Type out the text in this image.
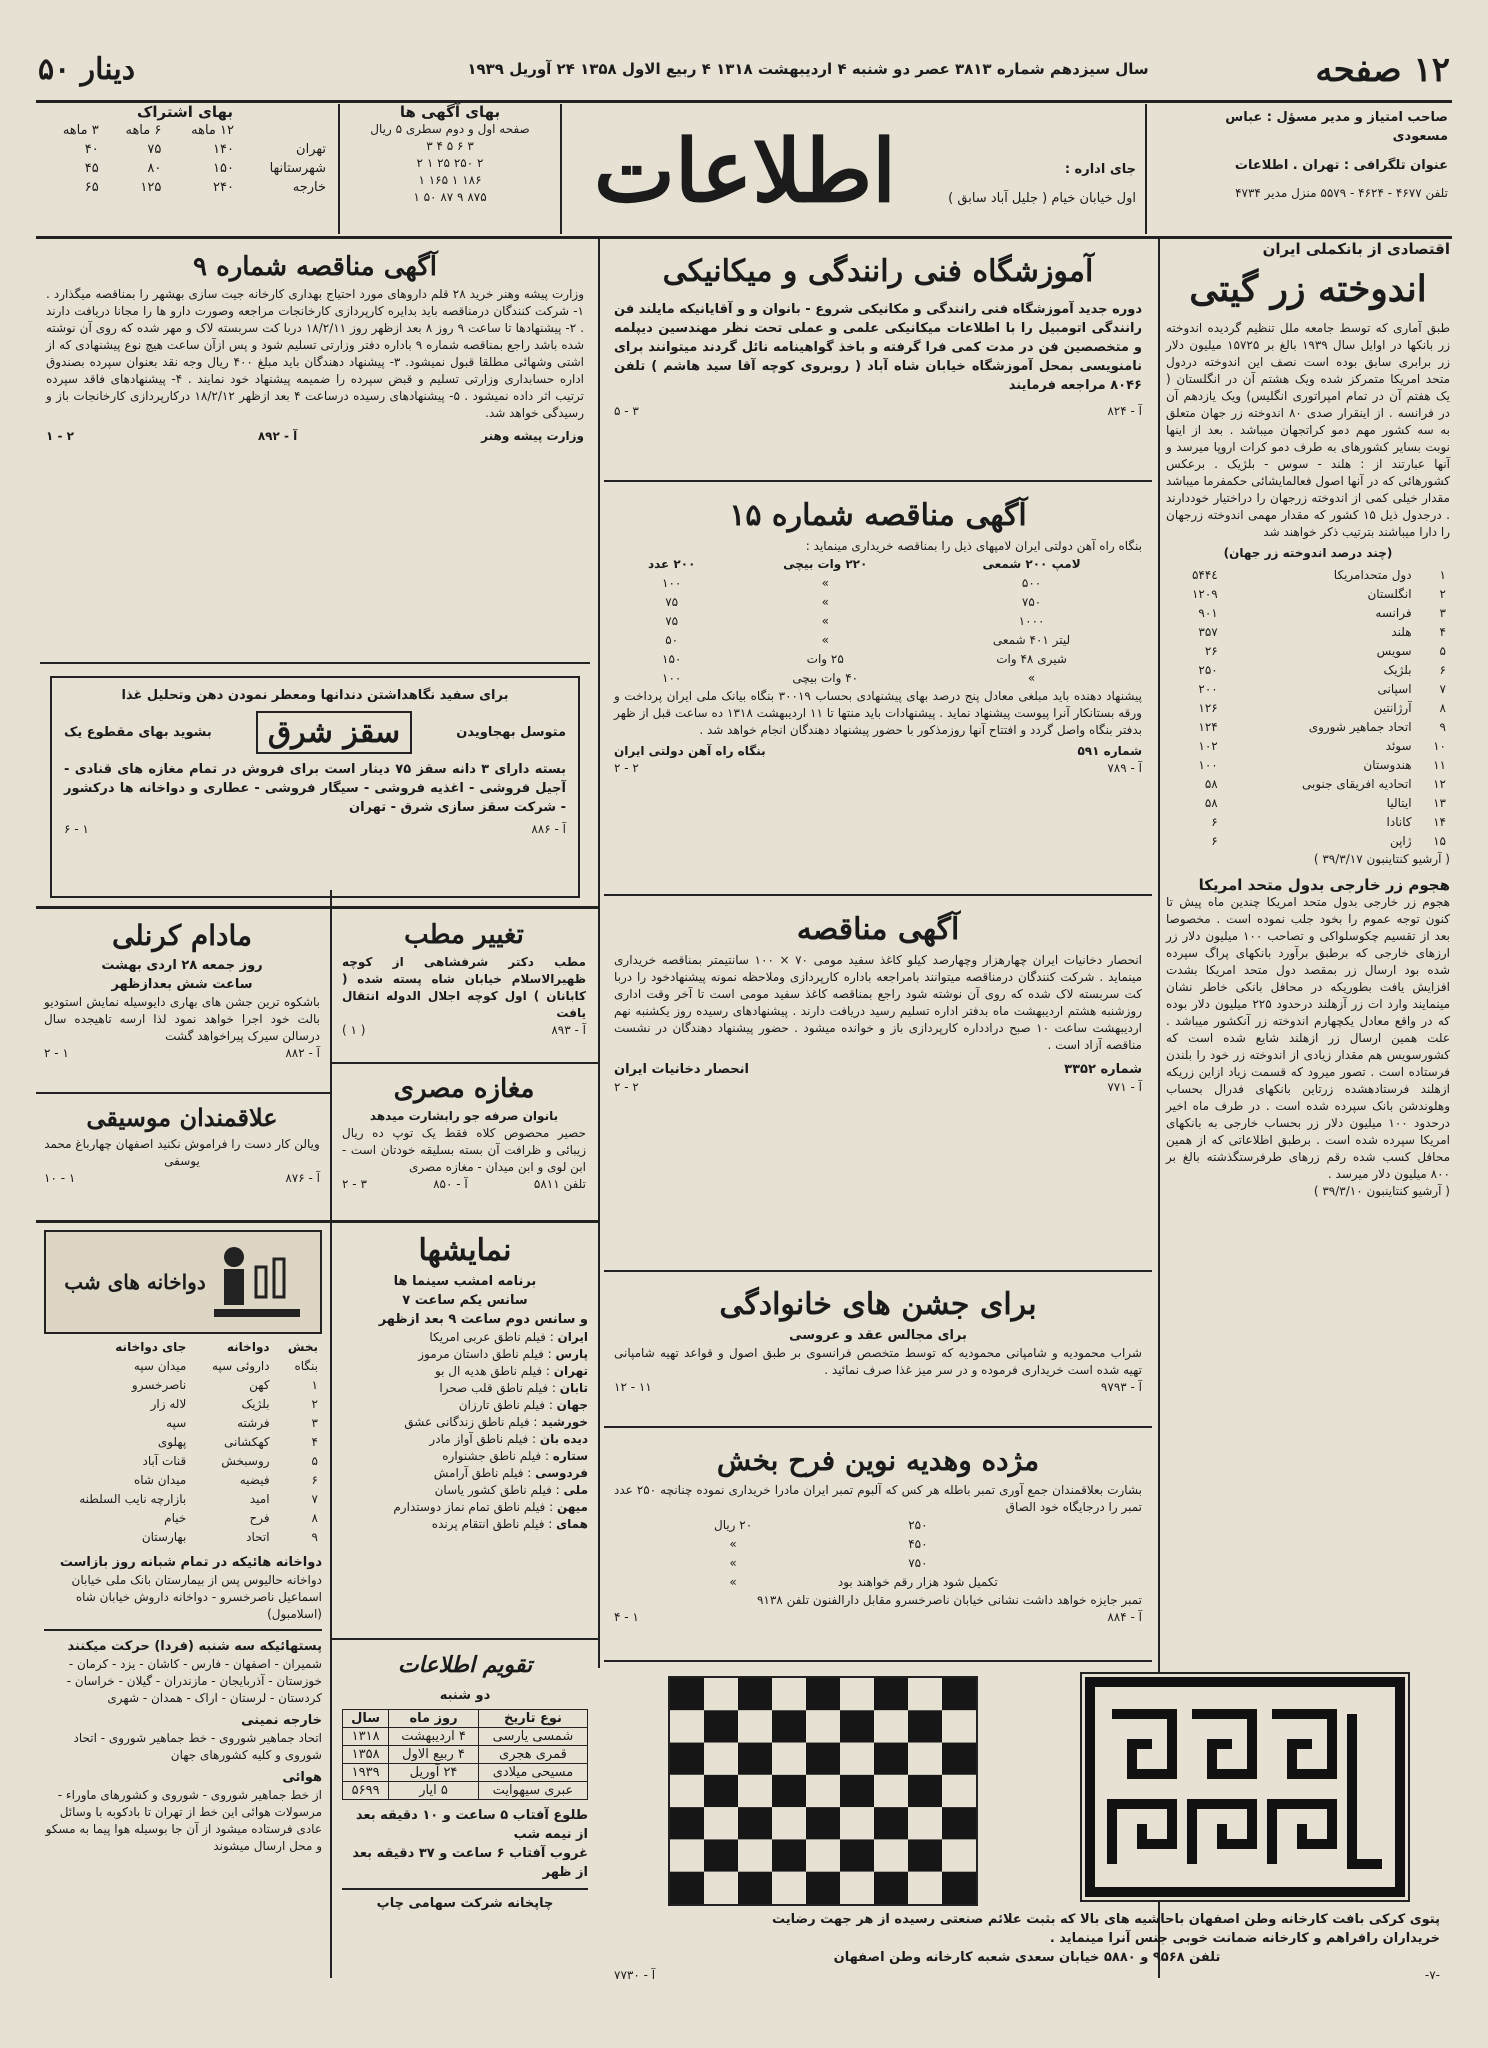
۱۲ صفحه
سال سیزدهم شماره ۳۸۱۳ عصر دو شنبه ۴ اردیبهشت ۱۳۱۸ ۴ ربیع الاول ۱۳۵۸ ۲۴ آوریل ۱۹۳۹
۵۰ دینار
صاحب امتیاز و مدیر مسؤل : عباس مسعودی
عنوان تلگرافی : تهران . اطلاعات
تلفن ۴۶۷۷ - ۴۶۲۴ - ۵۵۷۹ منزل مدیر ۴۷۳۴
جای اداره :
اول خیابان خیام ( جلیل آباد سابق )
اطلاعات
بهای آگهی ها
صفحه اول و دوم سطری ۵ ریال
۳ ۶ ۵ ۴ ۳
۲ ۲۵۰ ۲۵ ۱ ۲
۱۸۶ ۱ ۱۶۵ ۱
۸۷۵ ۹ ۸۷ ۵۰ ۱
بهای اشتراک
	۱۲ ماهه	۶ ماهه	۳ ماهه
تهران	۱۴۰	۷۵	۴۰
شهرستانها	۱۵۰	۸۰	۴۵
خارجه	۲۴۰	۱۲۵	۶۵
اقتصادی از بانکملی ایران
اندوخته زر گیتی
طبق آماری که توسط جامعه ملل تنظیم گردیده اندوخته زر بانکها در اوایل سال ۱۹۳۹ بالغ بر ۱۵۷۲۵ میلیون دلار زر برابری سابق بوده است نصف این اندوخته دردول متحد امریکا متمرکز شده ویک هشتم آن در انگلستان ( یک هفتم آن در تمام امپراتوری انگلیس) ویک یازدهم آن در فرانسه . از اینقرار صدی ۸۰ اندوخته زر جهان متعلق به سه کشور مهم دمو کراتجهان میباشد . بعد از اینها نوبت بسایر کشورهای به طرف دمو کرات اروپا میرسد و آنها عبارتند از : هلند - سوس - بلژیک . برعکس کشورهائی که در آنها اصول فعالمایشائی حکمفرما میباشد مقدار خیلی کمی از اندوخته زرجهان را دراختیار خوددارند . درجدول ذیل ۱۵ کشور که مقدار مهمی اندوخته زرجهان را دارا میباشند بترتیب ذکر خواهند شد
(چند درصد اندوخته زر جهان)
۱	دول متحدامریکا	۵۴۴٤
۲	انگلستان	۱۲۰۹
۳	فرانسه	۹۰۱
۴	هلند	۳۵۷
۵	سویس	۲۶
۶	بلژیک	۲۵۰
۷	اسپانی	۲۰۰
۸	آرژانتین	۱۲۶
۹	اتحاد جماهیر شوروی	۱۲۴
۱۰	سوئد	۱۰۲
۱۱	هندوستان	۱۰۰
۱۲	اتحادیه افریقای جنوبی	۵۸
۱۳	ایتالیا	۵۸
۱۴	کانادا	۶
۱۵	ژاپن	۶
( آرشیو کنتاینبون ۳۹/۳/۱۷ )
هجوم زر خارجی بدول متحد امریکا
هجوم زر خارجی بدول متحد امریکا چندین ماه پیش تا کنون توجه عموم را بخود جلب نموده است . مخصوصا بعد از تقسیم چکوسلواکی و تصاحب ۱۰۰ میلیون دلار زر ارزهای خارجی که برطبق برآورد بانکهای پراگ سپرده شده بود ارسال زر بمقصد دول متحد امریکا بشدت افزایش یافت بطوریکه در محافل بانکی خاطر نشان مینمایند وارد ات زر آزهلند درحدود ۲۲۵ میلیون دلار بوده که در واقع معادل یکچهارم اندوخته زر آنکشور میباشد . علت همین ارسال زر ازهلند شایع شده است که کشورسویس هم مقدار زیادی از اندوخته زر خود را بلندن فرستاده است . تصور میرود که قسمت زیاد ازاین زریکه ازهلند فرستادهشده زرتاین بانکهای فدرال بحساب وهلوندشن بانک سپرده شده است . در طرف ماه اخیر درحدود ۱۰۰ میلیون دلار زر بحساب خارجی به بانکهای امریکا سپرده شده است . برطبق اطلاعاتی که از همین محافل کسب شده رقم زرهای طرفرستگذشته بالغ بر ۸۰۰ میلیون دلار میرسد .
( آرشیو کنتاینبون ۳۹/۳/۱۰ )
آموزشگاه فنی رانندگی و میکانیکی
دوره جدید آموزشگاه فنی رانندگی و مکانیکی شروع - بانوان و و آقایانیکه مایلند فن رانندگی اتومبیل را با اطلاعات میکانیکی علمی و عملی تحت نظر مهندسین دیپلمه و متخصصین فن در مدت کمی فرا گرفته و باخذ گواهینامه نائل گردند میتوانند برای نامنویسی بمحل آموزشگاه خیابان شاه آباد ( روبروی کوچه آقا سید هاشم ) تلفن ۸۰۴۶ مراجعه فرمایند
آ - ۸۲۴
۳ - ۵
آگهی مناقصه شماره ۱۵
بنگاه راه آهن دولتی ایران لامپهای ذیل را بمناقصه خریداری مینماید :
لامپ ۲۰۰ شمعی	۲۲۰ وات بیچی	۲۰۰ عدد
۵۰۰	»	۱۰۰
۷۵۰	»	۷۵
۱۰۰۰	»	۷۵
لیتر ۴۰۱ شمعی	»	۵۰
شیری ۴۸ وات	۲۵ وات	۱۵۰
»	۴۰ وات بیچی	۱۰۰
پیشنهاد دهنده باید مبلغی معادل پنج درصد بهای پیشنهادی بحساب ۳۰۰۱۹ بنگاه بیانک ملی ایران پرداخت و ورقه بستانکار آنرا پیوست پیشنهاد نماید . پیشنهادات باید منتها تا ۱۱ اردیبهشت ۱۳۱۸ ده ساعت قبل از ظهر بدفتر بنگاه واصل گردد و افتتاح آنها روزمذکور با حضور پیشنهاد دهندگان انجام خواهد شد .
شماره ۵۹۱
بنگاه راه آهن دولتی ایران
آ - ۷۸۹
۲ - ۲
آگهی مناقصه
انحصار دخانیات ایران چهارهزار وچهارصد کیلو کاغذ سفید مومی ۷۰ × ۱۰۰ سانتیمتر بمناقصه خریداری مینماید . شرکت کنندگان درمناقصه میتوانند بامراجعه باداره کارپردازی وملاحظه نمونه پیشنهادخود را دربا کت سربسته لاک شده که روی آن نوشته شود راجع بمناقصه کاغذ سفید مومی است تا آخر وقت اداری روزشنبه هشتم اردیبهشت ماه بدفتر اداره تسلیم رسید دریافت دارند . پیشنهادهای رسیده روز یکشنبه نهم اردیبهشت ساعت ۱۰ صبح درادداره کارپردازی باز و خوانده میشود . حضور پیشنهاد دهندگان در نشست مناقصه آزاد است .
شماره ۳۳۵۲
انحصار دخانیات ایران
آ - ۷۷۱
۲ - ۲
برای جشن های خانوادگی
برای مجالس عقد و عروسی
شراب محمودیه و شامپانی محمودیه که توسط متخصص فرانسوی بر طبق اصول و قواعد تهیه شامپانی تهیه شده است خریداری فرموده و در سر میز غذا صرف نمائید .
آ - ۹۷۹۳
۱۱ - ۱۲
مژده وهدیه نوین فرح بخش
بشارت بعلاقمندان جمع آوری تمبر باطله هر کس که آلبوم تمبر ایران مادرا خریداری نموده چنانچه ۲۵۰ عدد تمبر را درجایگاه خود الصاق
۲۵۰	۲۰ ریال
۴۵۰	»
۷۵۰	»
تکمیل شود هزار رقم خواهند بود	»
تمبر جایزه خواهد داشت نشانی خیابان ناصرخسرو مقابل دارالفنون تلفن ۹۱۳۸
آ - ۸۸۴
۱ - ۴
آگهی مناقصه شماره ۹
وزارت پیشه وهنر خرید ۲۸ قلم داروهای مورد احتیاج بهداری کارخانه جیت سازی بهشهر را بمناقصه میگذارد . ۱- شرکت کنندگان درمناقصه باید بدایره کارپردازی کارخانجات مراجعه وصورت دارو ها را مجانا دریافت دارند . ۲- پیشنهادها تا ساعت ۹ روز ۸ بعد ازظهر روز ۱۸/۲/۱۱ دربا کت سربسته لاک و مهر شده که روی آن نوشته شده باشد راجع بمناقصه شماره ۹ باداره دفتر وزارتی تسلیم شود و پس ازآن ساعت هیچ نوع پیشنهادی که از اشتی وشهائی مطلقا قبول نمیشود. ۳- پیشنهاد دهندگان باید مبلغ ۴۰۰ ریال وجه نقد بعنوان سپرده بصندوق اداره حسابداری وزارتی تسلیم و قبض سپرده را ضمیمه پیشنهاد خود نمایند . ۴- پیشنهادهای فاقد سپرده ترتیب اثر داده نمیشود . ۵- پیشنهادهای رسیده درساعت ۴ بعد ازظهر ۱۸/۲/۱۲ درکارپردازی کارخانجات باز و رسیدگی خواهد شد.
وزارت پیشه وهنر
آ - ۸۹۲
۲ - ۱
برای سفید نگاهداشتن دندانها ومعطر نمودن دهن وتحلیل غذا
متوسل بهجاویدن
سقز شرق
بشوید بهای مقطوع یک
بسته دارای ۳ دانه سقز ۷۵ دینار است برای فروش در تمام مغازه های قنادی - آجیل فروشی - اغذیه فروشی - سیگار فروشی - عطاری و دواخانه ها درکشور - شرکت سقز سازی شرق - تهران
آ - ۸۸۶
۱ - ۶
تغییر مطب
مطب دکتر شرفشاهی از کوچه ظهیرالاسلام خیابان شاه پسته شده ( کابانان ) اول کوچه اجلال الدوله انتقال یافت
آ - ۸۹۳
( ۱ )
مغازه مصری
بانوان صرفه جو رابشارت میدهد
حصیر محصوص کلاه فقط یک توپ ده ریال زیبائی و ظرافت آن بسته بسلیقه خودتان است - ابن لوی و ابن میدان - مغازه مصری
تلفن ۵۸۱۱
آ - ۸۵۰
۳ - ۲
مادام کرنلی
روز جمعه ۲۸ اردی بهشت
ساعت شش بعدازظهر
باشکوه ترین جشن های بهاری دایوسیله نمایش استودیو بالت خود اجرا خواهد نمود لذا ارسه تاهیجده سال درسالن سیرک پیراخواهد گشت
آ - ۸۸۲
۱ - ۲
علاقمندان موسیقی
ویالن کار دست را فراموش نکنید اصفهان چهارباغ محمد یوسفی
آ - ۸۷۶
۱ - ۱۰
دواخانه های شب
بخش	دواخانه	جای دواخانه
بنگاه	داروئی سپه	میدان سپه
۱	کهن	ناصرخسرو
۲	بلژیک	لاله زار
۳	فرشته	سپه
۴	کهکشانی	پهلوی
۵	روسبخش	قنات آباد
۶	فیضیه	میدان شاه
۷	امید	بازارچه نایب السلطنه
۸	فرح	خیام
۹	اتحاد	بهارستان
دواخانه هائیکه در تمام شبانه روز بازاست
دواخانه حالیوس پس از بیمارستان بانک ملی خیابان اسماعیل ناصرخسرو - دواخانه داروش خیابان شاه (اسلامبول)
پستهائیکه سه شنبه (فردا) حرکت میکنند
شمیران - اصفهان - فارس - کاشان - یزد - کرمان - خوزستان - آذربایجان - مازندران - گیلان - خراسان - کردستان - لرستان - اراک - همدان - شهری
خارجه نمینی
اتحاد جماهیر شوروی - خط جماهیر شوروی - اتحاد شوروی و کلیه کشورهای جهان
هوائی
از خط جماهیر شوروی - شوروی و کشورهای ماوراء - مرسولات هوائی این خط از تهران تا بادکوبه با وسائل عادی فرستاده میشود از آن جا بوسیله هوا پیما به مسکو و محل ارسال میشوند
نمایشها
برنامه امشب سینما ها
سانس یکم ساعت ۷
و سانس دوم ساعت ۹ بعد ازظهر
ایران : فیلم ناطق عربی امریکا
پارس : فیلم ناطق داستان مرموز
تهران : فیلم ناطق هدیه ال بو
تابان : فیلم ناطق قلب صحرا
جهان : فیلم ناطق تارزان
خورشید : فیلم ناطق زندگانی عشق
دیده بان : فیلم ناطق آواز مادر
ستاره : فیلم ناطق جشنواره
فردوسی : فیلم ناطق آرامش
ملی : فیلم ناطق کشور یاسان
میهن : فیلم ناطق تمام نماز دوستدارم
همای : فیلم ناطق انتقام پرنده
تقویم اطلاعات
دو شنبه
نوع تاریخ	روز ماه	سال
شمسی یارسی	۴ اردیبهشت	۱۳۱۸
قمری هجری	۴ ربیع الاول	۱۳۵۸
مسیحی میلادی	۲۴ آوریل	۱۹۳۹
عبری سیهوایت	۵ ایار	۵۶۹۹
طلوع آفتاب ۵ ساعت و ۱۰ دقیقه بعد از نیمه شب
غروب آفتاب ۶ ساعت و ۳۷ دقیقه بعد از ظهر
چاپخانه شرکت سهامی چاپ
پتوی کرکی بافت کارخانه وطن اصفهان باحاشیه های بالا که بثبت علائم صنعتی رسیده از هر جهت رضایت
خریداران رافراهم و کارخانه ضمانت خوبی جنس آنرا مینماید .
تلفن ۹۵۶۸ و ۵۸۸۰ خیابان سعدی شعبه کارخانه وطن اصفهان
-۷-
آ - ۷۷۳۰
